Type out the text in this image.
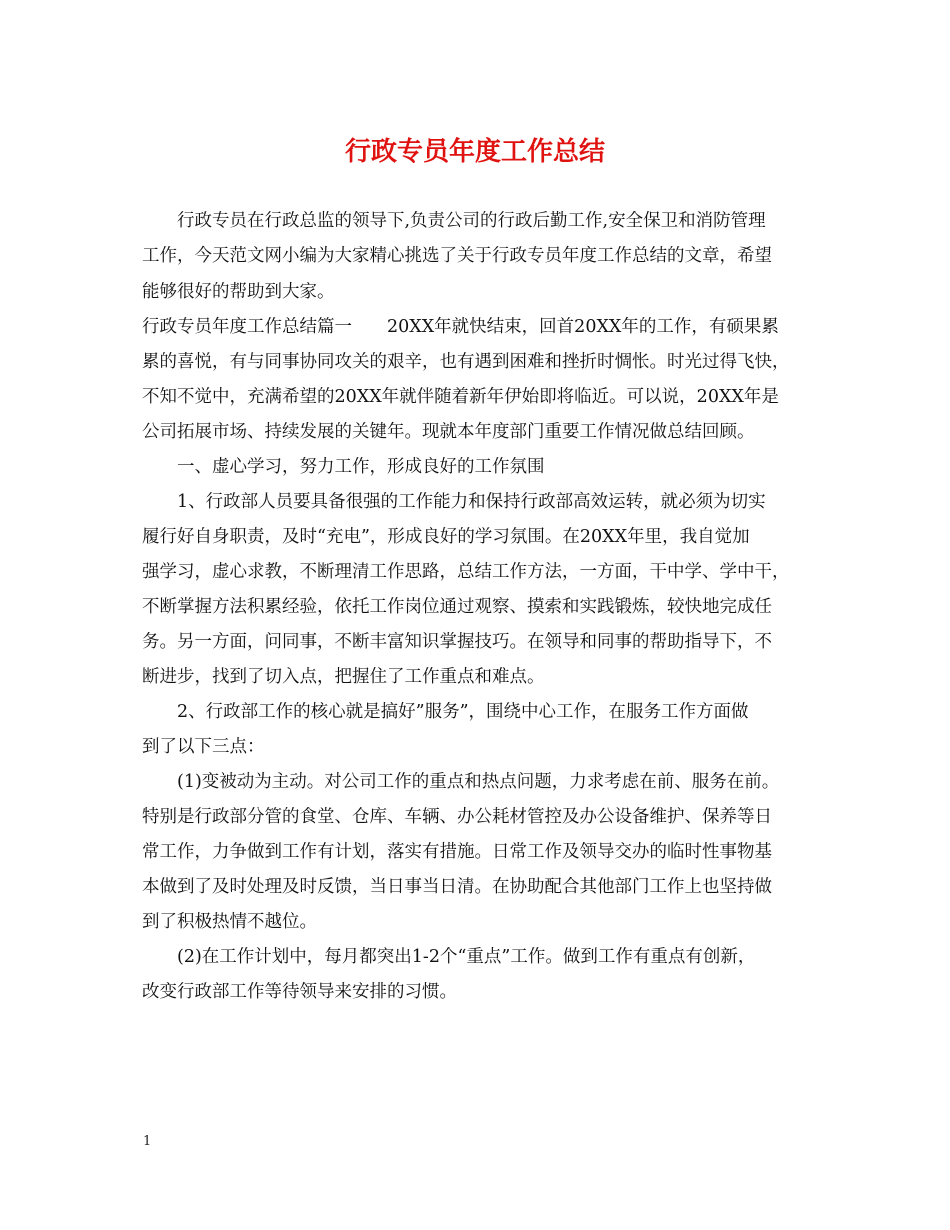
行政专员年度工作总结

行政专员在行政总监的领导下,负责公司的行政后勤工作,安全保卫和消防管理

工作，今天范文网小编为大家精心挑选了关于行政专员年度工作总结的文章，希望

能够很好的帮助到大家。

行政专员年度工作总结篇一　　20XX年就快结束，回首20XX年的工作，有硕果累

累的喜悦，有与同事协同攻关的艰辛，也有遇到困难和挫折时惆怅。时光过得飞快，

不知不觉中，充满希望的20XX年就伴随着新年伊始即将临近。可以说，20XX年是

公司拓展市场、持续发展的关键年。现就本年度部门重要工作情况做总结回顾。

一、虚心学习，努力工作，形成良好的工作氛围

1、行政部人员要具备很强的工作能力和保持行政部高效运转，就必须为切实

履行好自身职责，及时“充电”，形成良好的学习氛围。在20XX年里，我自觉加

强学习，虚心求教，不断理清工作思路，总结工作方法，一方面，干中学、学中干，

不断掌握方法积累经验，依托工作岗位通过观察、摸索和实践锻炼，较快地完成任

务。另一方面，问同事，不断丰富知识掌握技巧。在领导和同事的帮助指导下，不

断进步，找到了切入点，把握住了工作重点和难点。

2、行政部工作的核心就是搞好”服务”，围绕中心工作，在服务工作方面做

到了以下三点：

(1)变被动为主动。对公司工作的重点和热点问题，力求考虑在前、服务在前。

特别是行政部分管的食堂、仓库、车辆、办公耗材管控及办公设备维护、保养等日

常工作，力争做到工作有计划，落实有措施。日常工作及领导交办的临时性事物基

本做到了及时处理及时反馈，当日事当日清。在协助配合其他部门工作上也坚持做

到了积极热情不越位。

(2)在工作计划中，每月都突出1-2个“重点”工作。做到工作有重点有创新，

改变行政部工作等待领导来安排的习惯。

1
